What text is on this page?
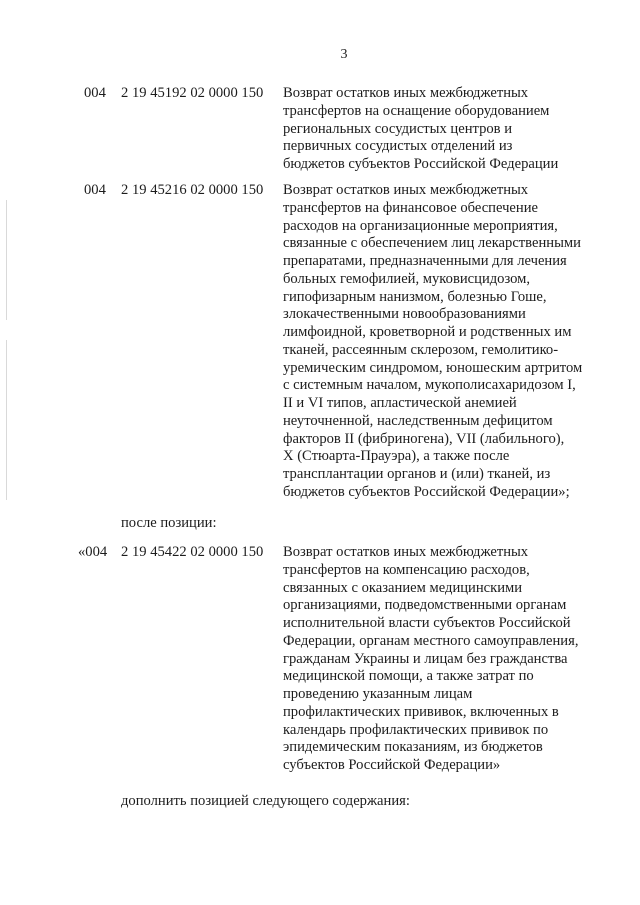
3
004 2 19 45192 02 0000 150 Возврат остатков иных межбюджетных
трансфертов на оснащение оборудованием
региональных сосудистых центров и
первичных сосудистых отделений из
бюджетов субъектов Российской Федерации
004 2 19 45216 02 0000 150 Возврат остатков иных межбюджетных
трансфертов на финансовое обеспечение
расходов на организационные мероприятия,
связанные с обеспечением лиц лекарственными
препаратами, предназначенными для лечения
больных гемофилией, муковисцидозом,
гипофизарным нанизмом, болезнью Гоше,
злокачественными новообразованиями
лимфоидной, кроветворной и родственных им
тканей, рассеянным склерозом, гемолитико-
уремическим синдромом, юношеским артритом
с системным началом, мукополисахаридозом I,
II и VI типов, апластической анемией
неуточненной, наследственным дефицитом
факторов II (фибриногена), VII (лабильного),
X (Стюарта-Прауэра), а также после
трансплантации органов и (или) тканей, из
бюджетов субъектов Российской Федерации»;
после позиции:
«004 2 19 45422 02 0000 150 Возврат остатков иных межбюджетных
трансфертов на компенсацию расходов,
связанных с оказанием медицинскими
организациями, подведомственными органам
исполнительной власти субъектов Российской
Федерации, органам местного самоуправления,
гражданам Украины и лицам без гражданства
медицинской помощи, а также затрат по
проведению указанным лицам
профилактических прививок, включенных в
календарь профилактических прививок по
эпидемическим показаниям, из бюджетов
субъектов Российской Федерации»
дополнить позицией следующего содержания:
